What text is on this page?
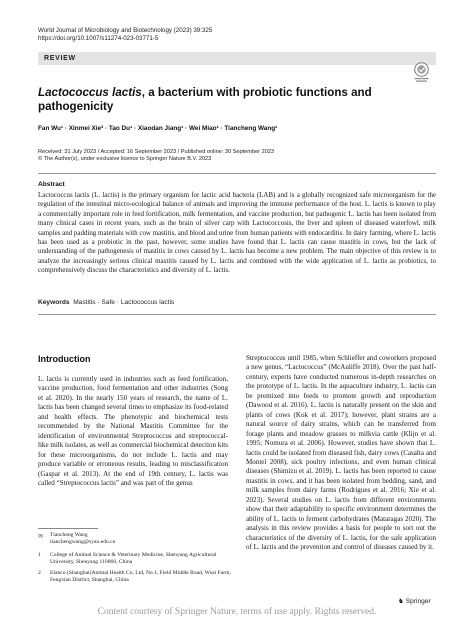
World Journal of Microbiology and Biotechnology (2023) 39:325
https://doi.org/10.1007/s11274-023-03771-5
REVIEW
Lactococcus lactis, a bacterium with probiotic functions and pathogenicity
Fan Wu¹ · Xinmei Xie² · Tao Du¹ · Xiaodan Jiang¹ · Wei Miao¹ · Tiancheng Wang¹
Received: 31 July 2023 / Accepted: 16 September 2023 / Published online: 30 September 2023
© The Author(s), under exclusive licence to Springer Nature B.V. 2023
Abstract
Lactococcus lactis (L. lactis) is the primary organism for lactic acid bacteria (LAB) and is a globally recognized safe microorganism for the regulation of the intestinal micro-ecological balance of animals and improving the immune performance of the host. L. lactis is known to play a commercially important role in feed fortification, milk fermentation, and vaccine production, but pathogenic L. lactis has been isolated from many clinical cases in recent years, such as the brain of silver carp with Lactococcosis, the liver and spleen of diseased waterfowl, milk samples and padding materials with cow mastitis, and blood and urine from human patients with endocarditis. In dairy farming, where L. lactis has been used as a probiotic in the past, however, some studies have found that L. lactis can cause mastitis in cows, but the lack of understanding of the pathogenesis of mastitis in cows caused by L. lactis has become a new problem. The main objective of this review is to analyze the increasingly serious clinical mastitis caused by L. lactis and combined with the wide application of L. lactis as probiotics, to comprehensively discuss the characteristics and diversity of L. lactis.
Keywords Mastitis · Safe · Lactococcus lactis
Introduction
L. lactis is currently used in industries such as feed fortification, vaccine production, food fermentation and other industries (Song et al. 2020). In the nearly 150 years of research, the name of L. lactis has been changed several times to emphasize its food-related and health effects. The phenotypic and biochemical tests recommended by the National Mastitis Committee for the identification of environmental Streptococcus and streptococcal-like milk isolates, as well as commercial biochemical detection kits for these microorganisms, do not include L. lactis and may produce variable or erroneous results, leading to misclassification (Gaspar et al. 2013). At the end of 19th century, L. lactis was called “Streptococcus lactis” and was part of the genus
Streptococcus until 1985, when Schlieffer and coworkers proposed a new genus, “Lactococcus” (McAuliffe 2018). Over the past half-century, experts have conducted numerous in-depth researches on the prototype of L. lactis. In the aquaculture industry, L. lactis can be premixed into feeds to promote growth and reproduction (Dawood et al. 2016). L. lactis is naturally present on the skin and plants of cows (Kok et al. 2017); however, plant strains are a natural source of dairy strains, which can be transferred from forage plants and meadow grasses to milkvia cattle (Klijn et al. 1995; Nomura et al. 2006). However, studies have shown that L. lactis could be isolated from diseased fish, dairy cows (Casalta and Montel 2008), sick poultry infections, and even human clinical diseases (Shimizu et al. 2019). L. lactis has been reported to cause mastitis in cows, and it has been isolated from bedding, sand, and milk samples from dairy farms (Rodrigues et al. 2016; Xie et al. 2023). Several studies on L. lactis from different environments show that their adaptability to specific environment determines the ability of L. lactis to ferment carbohydrates (Mataragas 2020). The analysis in this review provides a basis for people to sort out the characteristics of the diversity of L. lactis, for the safe application of L. lactis and the prevention and control of diseases caused by it.
✉ Tiancheng Wang
tianchengwang@syau.edu.cn
1	College of Animal Science & Veterinary Medicine, Shenyang Agricultural University, Shenyang 110866, China
2	Elanco (Shanghai)Animal Health Co, Ltd, No.1, Field Middle Road, Wusi Farm, Fengxian District, Shanghai, China
♞ Springer
Content courtesy of Springer Nature, terms of use apply. Rights reserved.
